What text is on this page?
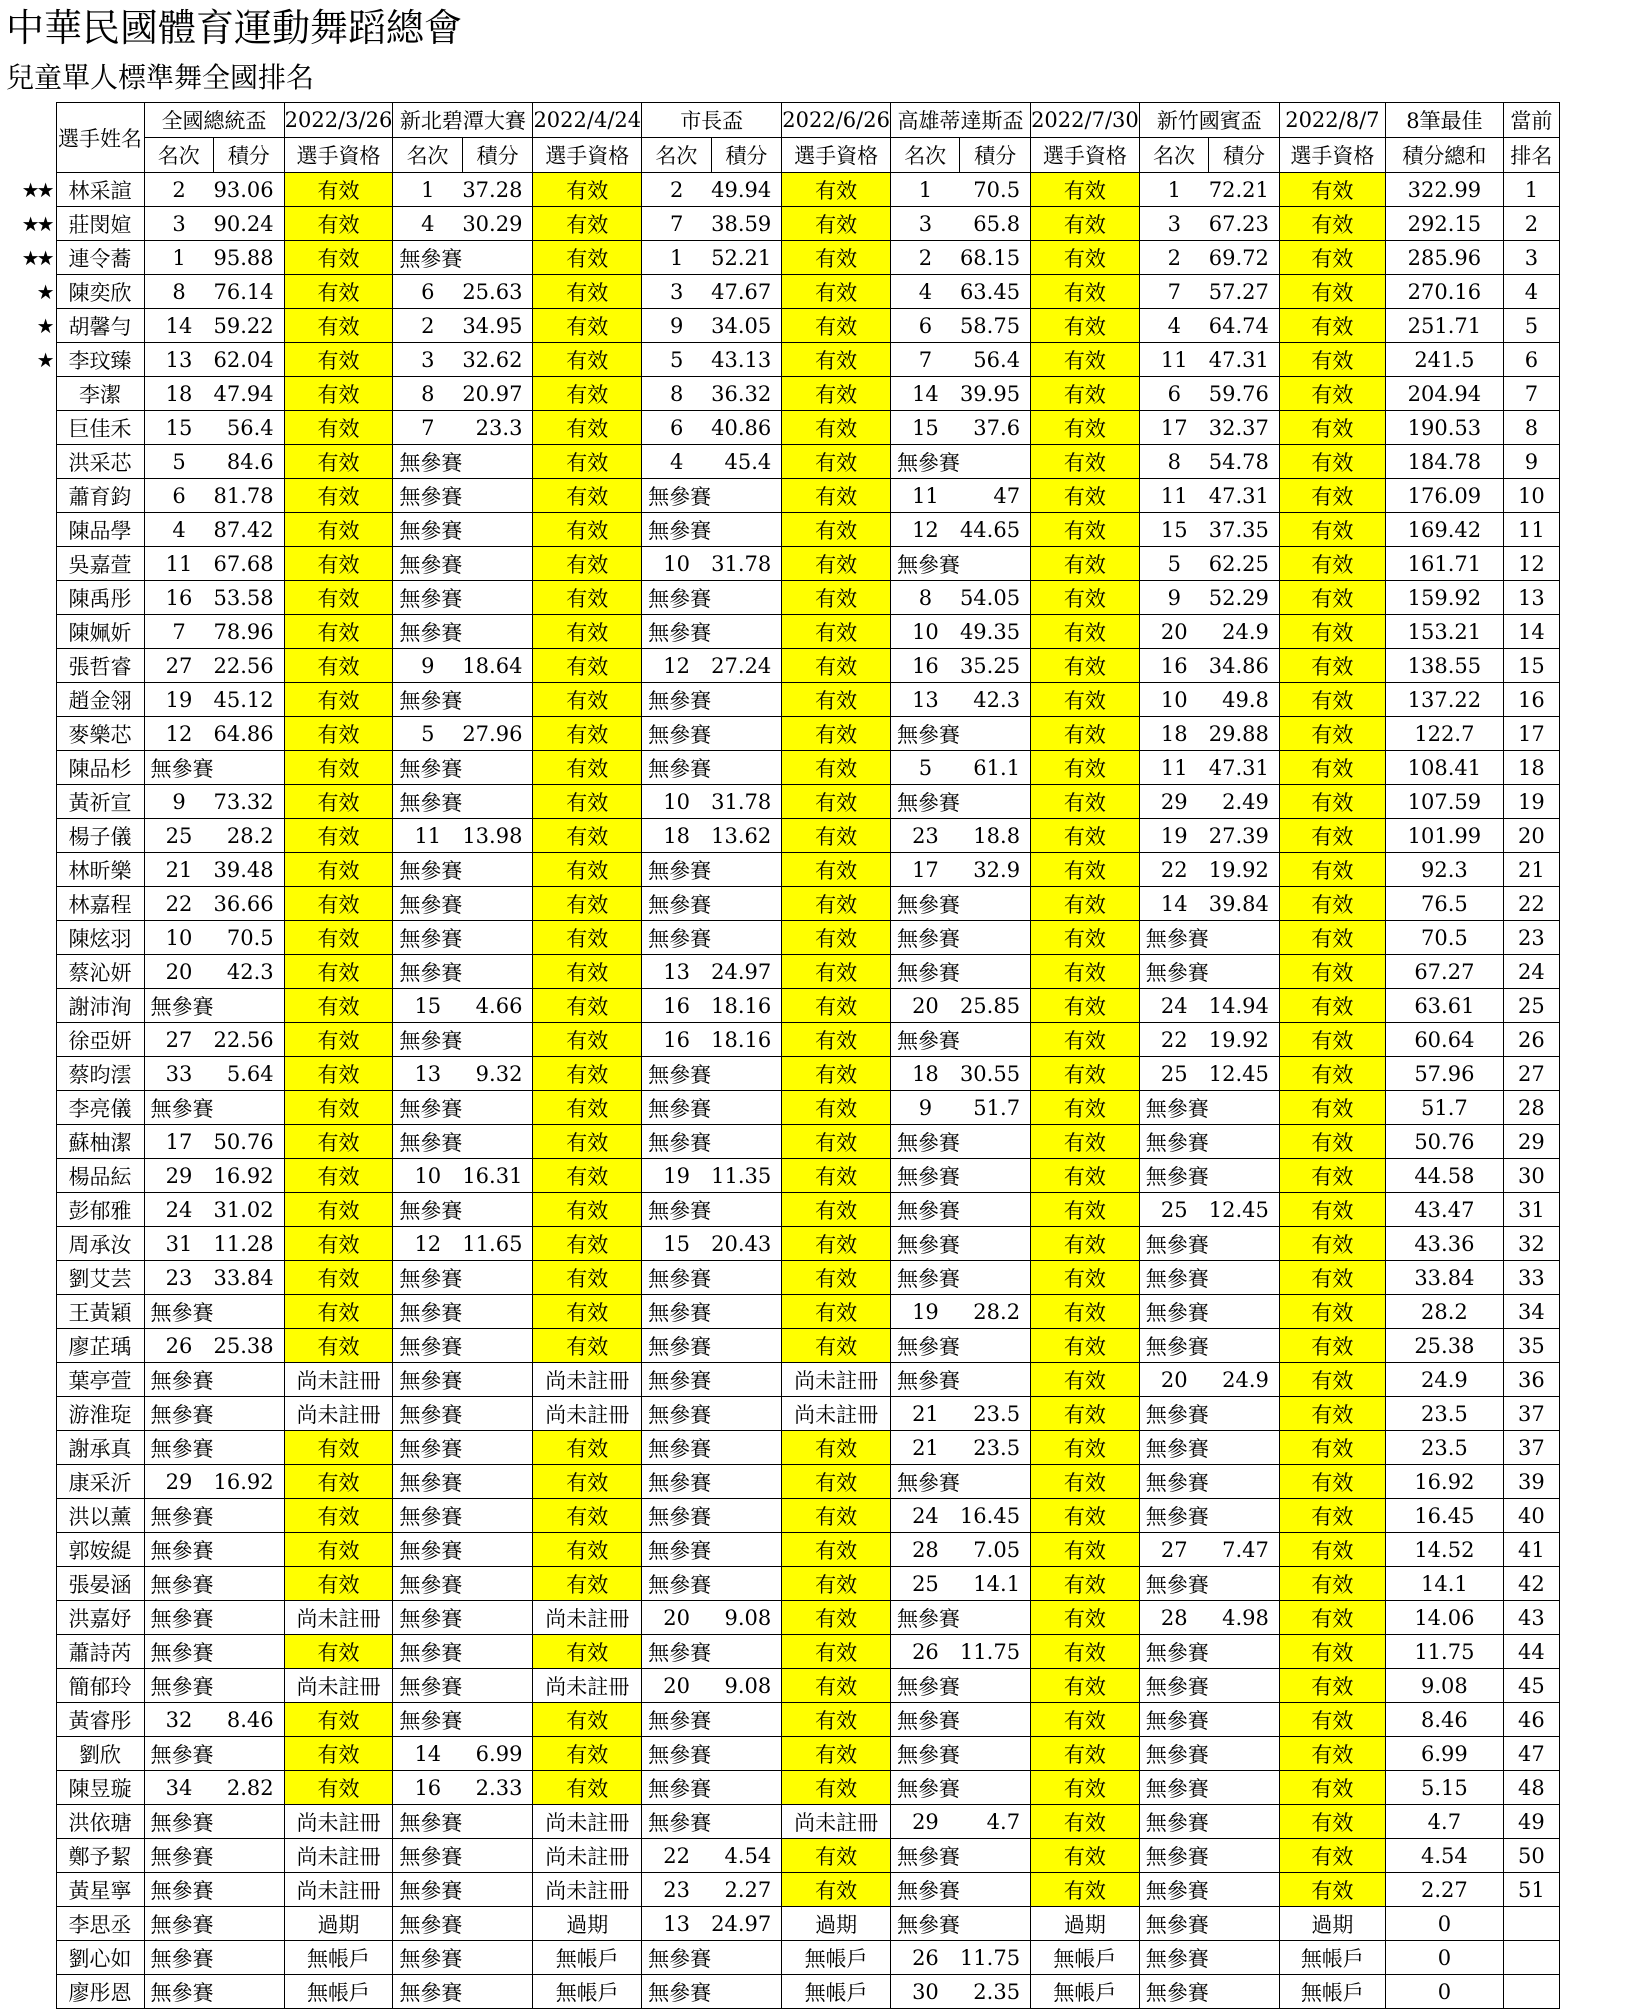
中華民國體育運動舞蹈總會
兒童單人標準舞全國排名
	選手姓名	全國總統盃		2022/3/26	新北碧潭大賽		2022/4/24	市長盃		2022/6/26	高雄蒂達斯盃		2022/7/30	新竹國賓盃		2022/8/7	8筆最佳	當前
		名次	積分	選手資格	名次	積分	選手資格	名次	積分	選手資格	名次	積分	選手資格	名次	積分	選手資格	積分總和	排名
★★	林采諠	2	93.06	有效	1	37.28	有效	2	49.94	有效	1	70.5	有效	1	72.21	有效	322.99	1
★★	莊閔媗	3	90.24	有效	4	30.29	有效	7	38.59	有效	3	65.8	有效	3	67.23	有效	292.15	2
★★	連令蕎	1	95.88	有效	無參賽		有效	1	52.21	有效	2	68.15	有效	2	69.72	有效	285.96	3
★	陳奕欣	8	76.14	有效	6	25.63	有效	3	47.67	有效	4	63.45	有效	7	57.27	有效	270.16	4
★	胡馨勻	14	59.22	有效	2	34.95	有效	9	34.05	有效	6	58.75	有效	4	64.74	有效	251.71	5
★	李玟臻	13	62.04	有效	3	32.62	有效	5	43.13	有效	7	56.4	有效	11	47.31	有效	241.5	6
	李潔	18	47.94	有效	8	20.97	有效	8	36.32	有效	14	39.95	有效	6	59.76	有效	204.94	7
	巨佳禾	15	56.4	有效	7	23.3	有效	6	40.86	有效	15	37.6	有效	17	32.37	有效	190.53	8
	洪采芯	5	84.6	有效	無參賽		有效	4	45.4	有效	無參賽		有效	8	54.78	有效	184.78	9
	蕭育鈞	6	81.78	有效	無參賽		有效	無參賽		有效	11	47	有效	11	47.31	有效	176.09	10
	陳品學	4	87.42	有效	無參賽		有效	無參賽		有效	12	44.65	有效	15	37.35	有效	169.42	11
	吳嘉萱	11	67.68	有效	無參賽		有效	10	31.78	有效	無參賽		有效	5	62.25	有效	161.71	12
	陳禹彤	16	53.58	有效	無參賽		有效	無參賽		有效	8	54.05	有效	9	52.29	有效	159.92	13
	陳姵妡	7	78.96	有效	無參賽		有效	無參賽		有效	10	49.35	有效	20	24.9	有效	153.21	14
	張哲睿	27	22.56	有效	9	18.64	有效	12	27.24	有效	16	35.25	有效	16	34.86	有效	138.55	15
	趙金翎	19	45.12	有效	無參賽		有效	無參賽		有效	13	42.3	有效	10	49.8	有效	137.22	16
	麥樂芯	12	64.86	有效	5	27.96	有效	無參賽		有效	無參賽		有效	18	29.88	有效	122.7	17
	陳品杉	無參賽		有效	無參賽		有效	無參賽		有效	5	61.1	有效	11	47.31	有效	108.41	18
	黃祈宣	9	73.32	有效	無參賽		有效	10	31.78	有效	無參賽		有效	29	2.49	有效	107.59	19
	楊子儀	25	28.2	有效	11	13.98	有效	18	13.62	有效	23	18.8	有效	19	27.39	有效	101.99	20
	林昕樂	21	39.48	有效	無參賽		有效	無參賽		有效	17	32.9	有效	22	19.92	有效	92.3	21
	林嘉程	22	36.66	有效	無參賽		有效	無參賽		有效	無參賽		有效	14	39.84	有效	76.5	22
	陳炫羽	10	70.5	有效	無參賽		有效	無參賽		有效	無參賽		有效	無參賽		有效	70.5	23
	蔡沁妍	20	42.3	有效	無參賽		有效	13	24.97	有效	無參賽		有效	無參賽		有效	67.27	24
	謝沛洵	無參賽		有效	15	4.66	有效	16	18.16	有效	20	25.85	有效	24	14.94	有效	63.61	25
	徐亞妍	27	22.56	有效	無參賽		有效	16	18.16	有效	無參賽		有效	22	19.92	有效	60.64	26
	蔡昀澐	33	5.64	有效	13	9.32	有效	無參賽		有效	18	30.55	有效	25	12.45	有效	57.96	27
	李亮儀	無參賽		有效	無參賽		有效	無參賽		有效	9	51.7	有效	無參賽		有效	51.7	28
	蘇柚潔	17	50.76	有效	無參賽		有效	無參賽		有效	無參賽		有效	無參賽		有效	50.76	29
	楊品紜	29	16.92	有效	10	16.31	有效	19	11.35	有效	無參賽		有效	無參賽		有效	44.58	30
	彭郁雅	24	31.02	有效	無參賽		有效	無參賽		有效	無參賽		有效	25	12.45	有效	43.47	31
	周承汝	31	11.28	有效	12	11.65	有效	15	20.43	有效	無參賽		有效	無參賽		有效	43.36	32
	劉艾芸	23	33.84	有效	無參賽		有效	無參賽		有效	無參賽		有效	無參賽		有效	33.84	33
	王黃穎	無參賽		有效	無參賽		有效	無參賽		有效	19	28.2	有效	無參賽		有效	28.2	34
	廖芷瑀	26	25.38	有效	無參賽		有效	無參賽		有效	無參賽		有效	無參賽		有效	25.38	35
	葉亭萱	無參賽		尚未註冊	無參賽		尚未註冊	無參賽		尚未註冊	無參賽		有效	20	24.9	有效	24.9	36
	游淮琁	無參賽		尚未註冊	無參賽		尚未註冊	無參賽		尚未註冊	21	23.5	有效	無參賽		有效	23.5	37
	謝承真	無參賽		有效	無參賽		有效	無參賽		有效	21	23.5	有效	無參賽		有效	23.5	37
	康采沂	29	16.92	有效	無參賽		有效	無參賽		有效	無參賽		有效	無參賽		有效	16.92	39
	洪以薰	無參賽		有效	無參賽		有效	無參賽		有效	24	16.45	有效	無參賽		有效	16.45	40
	郭姲緹	無參賽		有效	無參賽		有效	無參賽		有效	28	7.05	有效	27	7.47	有效	14.52	41
	張晏涵	無參賽		有效	無參賽		有效	無參賽		有效	25	14.1	有效	無參賽		有效	14.1	42
	洪嘉妤	無參賽		尚未註冊	無參賽		尚未註冊	20	9.08	有效	無參賽		有效	28	4.98	有效	14.06	43
	蕭詩芮	無參賽		有效	無參賽		有效	無參賽		有效	26	11.75	有效	無參賽		有效	11.75	44
	簡郁玲	無參賽		尚未註冊	無參賽		尚未註冊	20	9.08	有效	無參賽		有效	無參賽		有效	9.08	45
	黃睿彤	32	8.46	有效	無參賽		有效	無參賽		有效	無參賽		有效	無參賽		有效	8.46	46
	劉欣	無參賽		有效	14	6.99	有效	無參賽		有效	無參賽		有效	無參賽		有效	6.99	47
	陳昱璇	34	2.82	有效	16	2.33	有效	無參賽		有效	無參賽		有效	無參賽		有效	5.15	48
	洪依瑭	無參賽		尚未註冊	無參賽		尚未註冊	無參賽		尚未註冊	29	4.7	有效	無參賽		有效	4.7	49
	鄭予絜	無參賽		尚未註冊	無參賽		尚未註冊	22	4.54	有效	無參賽		有效	無參賽		有效	4.54	50
	黃星寧	無參賽		尚未註冊	無參賽		尚未註冊	23	2.27	有效	無參賽		有效	無參賽		有效	2.27	51
	李思丞	無參賽		過期	無參賽		過期	13	24.97	過期	無參賽		過期	無參賽		過期	0	
	劉心如	無參賽		無帳戶	無參賽		無帳戶	無參賽		無帳戶	26	11.75	無帳戶	無參賽		無帳戶	0	
	廖彤恩	無參賽		無帳戶	無參賽		無帳戶	無參賽		無帳戶	30	2.35	無帳戶	無參賽		無帳戶	0	
